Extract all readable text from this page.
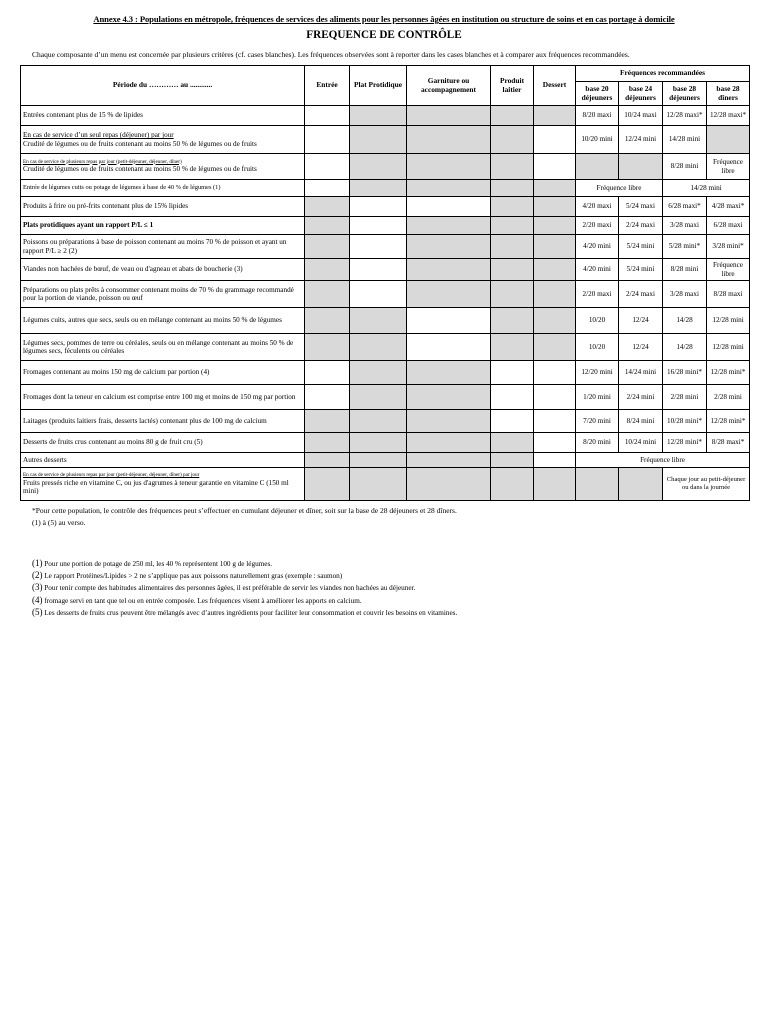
Annexe 4.3 : Populations en métropole, fréquences de services des aliments pour les personnes âgées en institution ou structure de soins et en cas portage à domicile
FREQUENCE DE CONTRÔLE
Chaque composante d’un menu est concernée par plusieurs critères (cf. cases blanches). Les fréquences observées sont à reporter dans les cases blanches et à comparer aux fréquences recommandées.
Période du ………… au ............	Entrée	Plat Protidique	Garniture ou accompagnement	Produit laitier	Dessert	Fréquences recommandées			
						base 20 déjeuners	base 24 déjeuners	base 28 déjeuners	base 28 dîners
Entrées contenant plus de 15 % de lipides						8/20 maxi	10/24 maxi	12/28 maxi*	12/28 maxi*
En cas de service d’un seul repas (déjeuner) par jour
Crudité de légumes ou de fruits contenant au moins 50 % de légumes ou de fruits						10/20 mini	12/24 mini	14/28 mini	

En cas de service de plusieurs repas par jour (petit-déjeuner, déjeuner, dîner)
Crudité de légumes ou de fruits contenant au moins 50 % de légumes ou de fruits								8/28 mini	Fréquence libre
Entrée de légumes cuits ou potage de légumes à base de 40 % de légumes (1)						Fréquence libre		14/28 mini	
Produits à frire ou pré-frits contenant plus de 15% lipides						4/20 maxi	5/24 maxi	6/28 maxi*	4/28 maxi*
Plats protidiques ayant un rapport P/L ≤ 1						2/20 maxi	2/24 maxi	3/28 maxi	6/28 maxi
Poissons ou préparations à base de poisson contenant au moins 70 % de poisson et ayant un rapport P/L ≥ 2 (2)						4/20 mini	5/24 mini	5/28 mini*	3/28 mini*
Viandes non hachées de bœuf, de veau ou d'agneau et abats de boucherie (3)						4/20 mini	5/24 mini	8/28 mini	Fréquence libre
Préparations ou plats prêts à consommer contenant moins de 70 % du grammage recommandé pour la portion de viande, poisson ou œuf						2/20 maxi	2/24 maxi	3/28 maxi	8/28 maxi
Légumes cuits, autres que secs, seuls ou en mélange contenant au moins 50 % de légumes						10/20	12/24	14/28	12/28 mini
Légumes secs, pommes de terre ou céréales, seuls ou en mélange contenant au moins 50 % de légumes secs, féculents ou céréales						10/20	12/24	14/28	12/28 mini
Fromages contenant au moins 150 mg de calcium par portion (4)						12/20 mini	14/24 mini	16/28 mini*	12/28 mini*
Fromages dont la teneur en calcium est comprise entre 100 mg et moins de 150 mg par portion						1/20 mini	2/24 mini	2/28 mini	2/28 mini
Laitages (produits laitiers frais, desserts lactés) contenant plus de 100 mg de calcium						7/20 mini	8/24 mini	10/28 mini*	12/28 mini*
Desserts de fruits crus contenant au moins 80 g de fruit cru (5)						8/20 mini	10/24 mini	12/28 mini*	8/28 maxi*
Autres desserts						Fréquence libre			

En cas de service de plusieurs repas par jour (petit-déjeuner, déjeuner, dîner) par jour
Fruits pressés riche en vitamine C, ou jus d'agrumes à teneur garantie en vitamine C (150 ml mini)								Chaque jour au petit-déjeuner ou dans la journée	
*Pour cette population, le contrôle des fréquences peut s’effectuer en cumulant déjeuner et dîner, soit sur la base de 28 déjeuners et 28 dîners.
(1) à (5) au verso.
(1) Pour une portion de potage de 250 ml, les 40 % représentent 100 g de légumes.
(2) Le rapport Protéines/Lipides > 2 ne s’applique pas aux poissons naturellement gras (exemple : saumon)
(3) Pour tenir compte des habitudes alimentaires des personnes âgées, il est préférable de servir les viandes non hachées au déjeuner.
(4) fromage servi en tant que tel ou en entrée composée. Les fréquences visent à améliorer les apports en calcium.
(5) Les desserts de fruits crus peuvent être mélangés avec d’autres ingrédients pour faciliter leur consommation et couvrir les besoins en vitamines.
